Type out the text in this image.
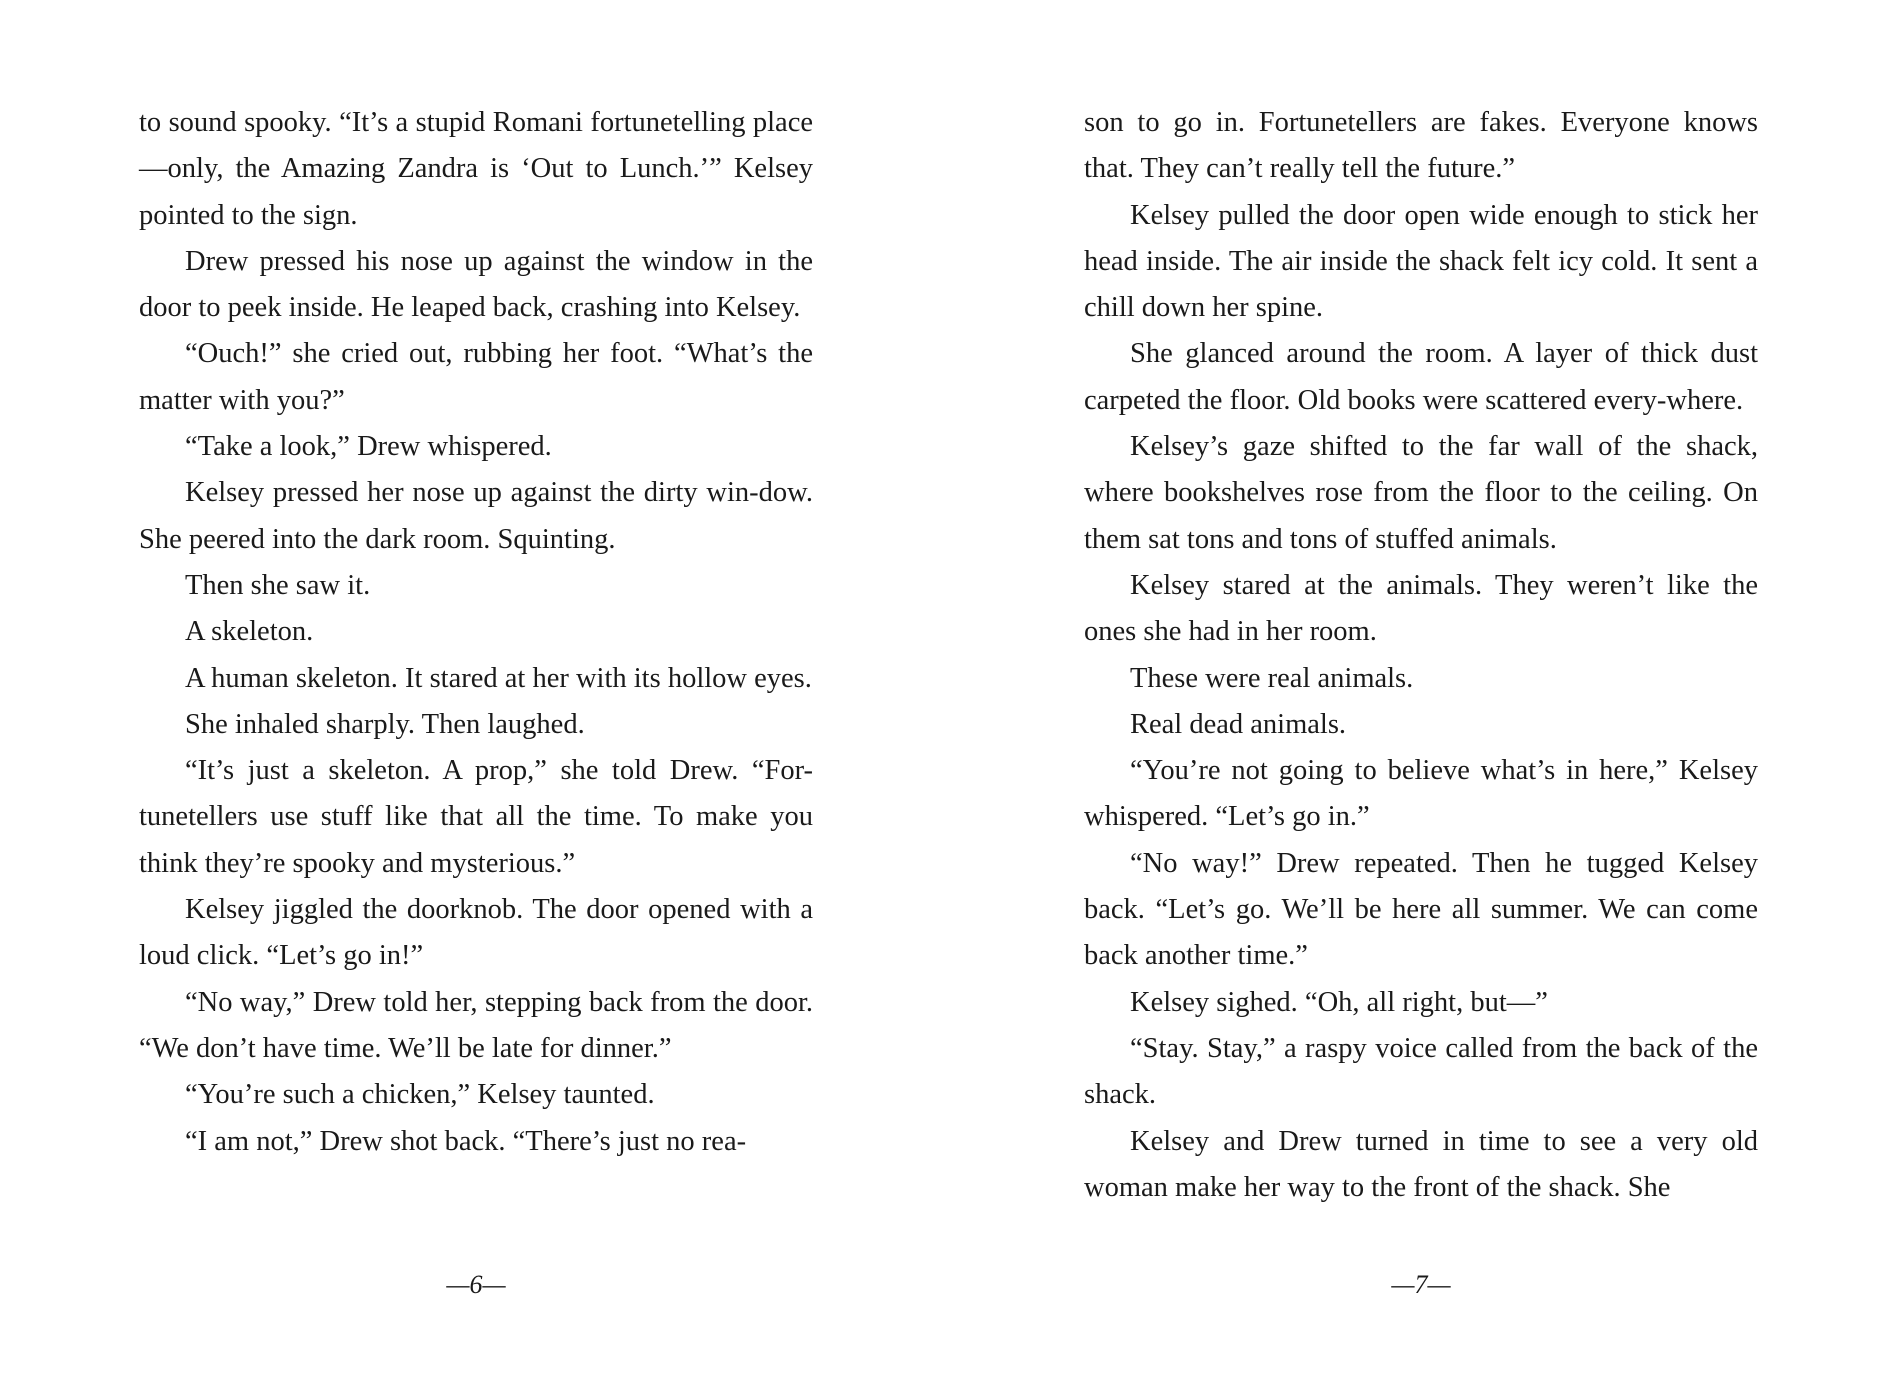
to sound spooky. “It’s a stupid Romani fortunetelling place—only, the Amazing Zandra is ‘Out to Lunch.’” Kelsey pointed to the sign.

Drew pressed his nose up against the window in the door to peek inside. He leaped back, crashing into Kelsey.

“Ouch!” she cried out, rubbing her foot. “What’s the matter with you?”

“Take a look,” Drew whispered.

Kelsey pressed her nose up against the dirty win-dow. She peered into the dark room. Squinting.

Then she saw it.

A skeleton.

A human skeleton. It stared at her with its hollow eyes.

She inhaled sharply. Then laughed.

“It’s just a skeleton. A prop,” she told Drew. “For-tunetellers use stuff like that all the time. To make you think they’re spooky and mysterious.”

Kelsey jiggled the doorknob. The door opened with a loud click. “Let’s go in!”

“No way,” Drew told her, stepping back from the door. “We don’t have time. We’ll be late for dinner.”

“You’re such a chicken,” Kelsey taunted.

“I am not,” Drew shot back. “There’s just no rea-

—6—

son to go in. Fortunetellers are fakes. Everyone knows that. They can’t really tell the future.”

Kelsey pulled the door open wide enough to stick her head inside. The air inside the shack felt icy cold. It sent a chill down her spine.

She glanced around the room. A layer of thick dust carpeted the floor. Old books were scattered every-where.

Kelsey’s gaze shifted to the far wall of the shack, where bookshelves rose from the floor to the ceiling. On them sat tons and tons of stuffed animals.

Kelsey stared at the animals. They weren’t like the ones she had in her room.

These were real animals.

Real dead animals.

“You’re not going to believe what’s in here,” Kelsey whispered. “Let’s go in.”

“No way!” Drew repeated. Then he tugged Kelsey back. “Let’s go. We’ll be here all summer. We can come back another time.”

Kelsey sighed. “Oh, all right, but—”

“Stay. Stay,” a raspy voice called from the back of the shack.

Kelsey and Drew turned in time to see a very old woman make her way to the front of the shack. She

—7—
